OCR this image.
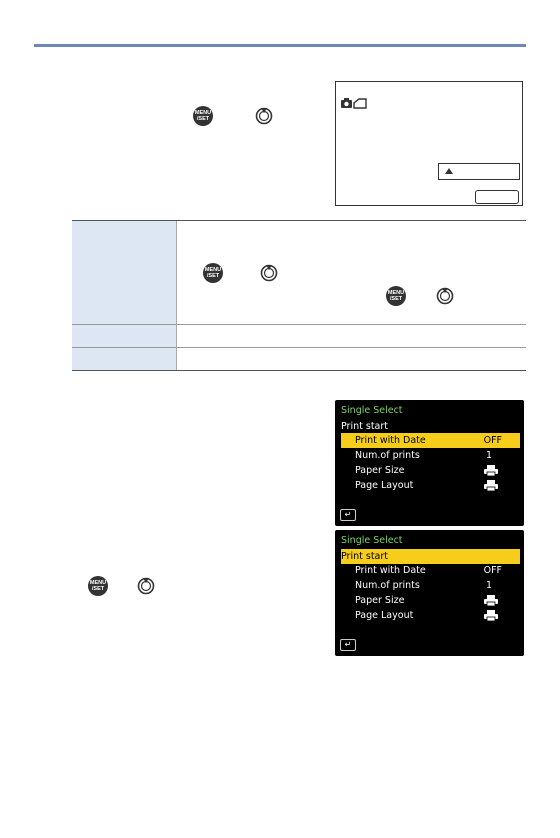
MENU
/SET
MENU
/SET
MENU
/SET
MENU
/SET
Single Select
Print start
Print with Date	OFF
Num.of prints	1
Paper Size
Page Layout
↵
Single Select
Print start
Print with Date	OFF
Num.of prints	1
Paper Size
Page Layout
↵
